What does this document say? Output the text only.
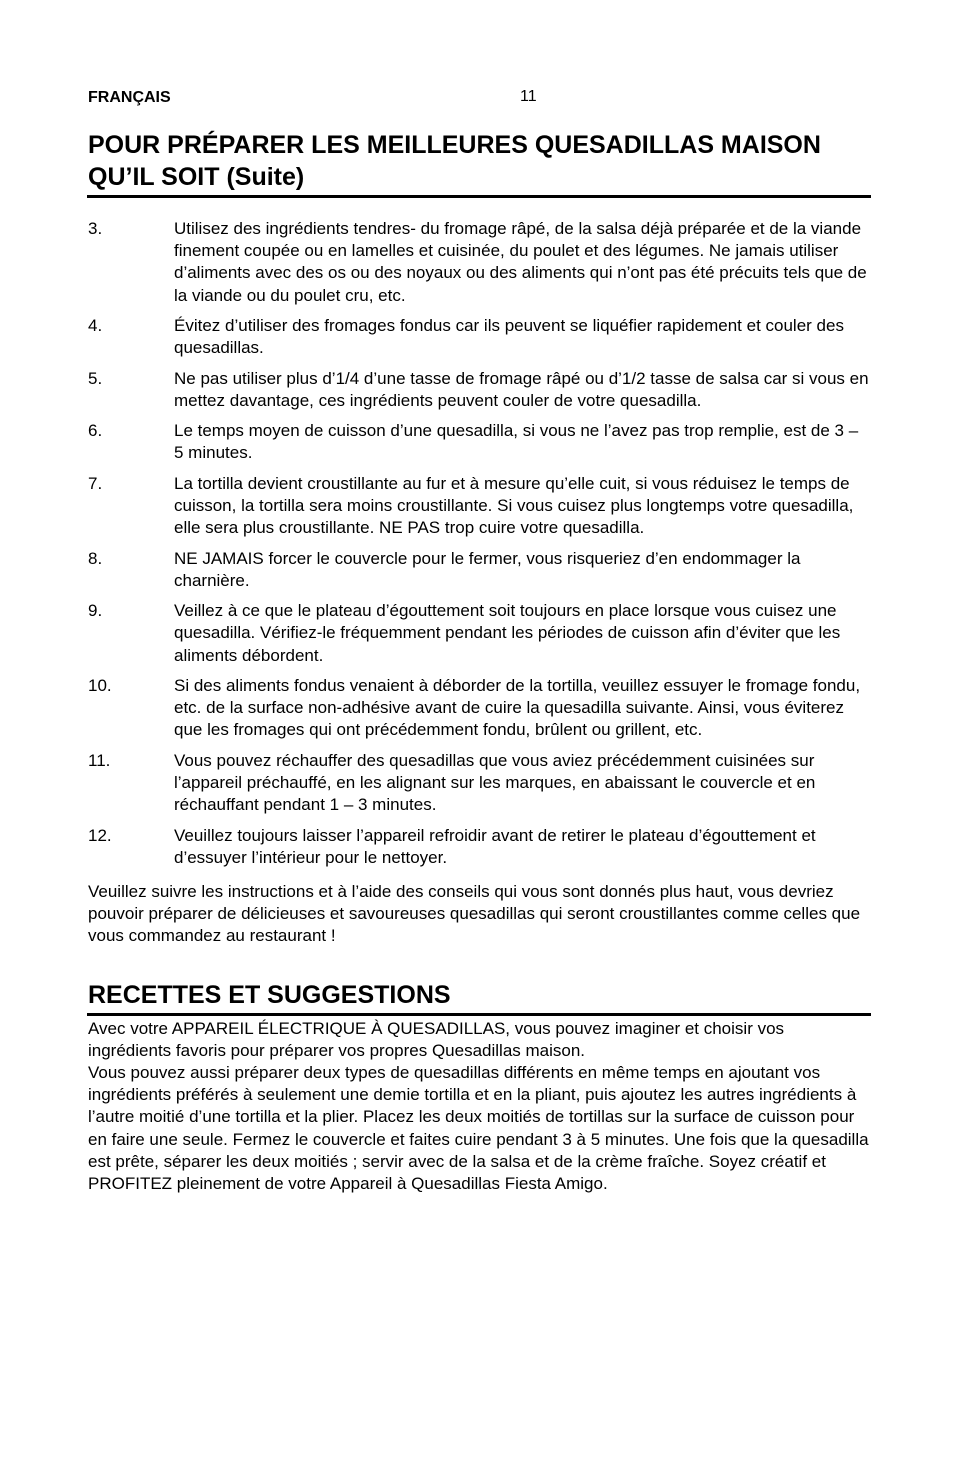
FRANÇAIS	11
POUR PRÉPARER LES MEILLEURES QUESADILLAS MAISON
QU’IL SOIT (Suite)
3.	Utilisez des ingrédients tendres- du fromage râpé, de la salsa déjà préparée et de la viande finement coupée ou en lamelles et cuisinée, du poulet et des légumes. Ne jamais utiliser d’aliments avec des os ou des noyaux ou des aliments qui n’ont pas été précuits tels que de la viande ou du poulet cru, etc.
4.	Évitez d’utiliser des fromages fondus car ils peuvent se liquéfier rapidement et couler des quesadillas.
5.	Ne pas utiliser plus d’1/4 d’une tasse de fromage râpé ou d’1/2 tasse de salsa car si vous en mettez davantage, ces ingrédients peuvent couler de votre quesadilla.
6.	Le temps moyen de cuisson d’une quesadilla, si vous ne l’avez pas trop remplie, est de 3 – 5 minutes.
7.	La tortilla devient croustillante au fur et à mesure qu’elle cuit, si vous réduisez le temps de cuisson, la tortilla sera moins croustillante. Si vous cuisez plus longtemps votre quesadilla, elle sera plus croustillante. NE PAS trop cuire votre quesadilla.
8.	NE JAMAIS forcer le couvercle pour le fermer, vous risqueriez d’en endommager la charnière.
9.	Veillez à ce que le plateau d’égouttement soit toujours en place lorsque vous cuisez une quesadilla. Vérifiez-le fréquemment pendant les périodes de cuisson afin d’éviter que les aliments débordent.
10.	Si des aliments fondus venaient à déborder de la tortilla, veuillez essuyer le fromage fondu, etc. de la surface non-adhésive avant de cuire la quesadilla suivante. Ainsi, vous éviterez que les fromages qui ont précédemment fondu, brûlent ou grillent, etc.
11.	Vous pouvez réchauffer des quesadillas que vous aviez précédemment cuisinées sur l’appareil préchauffé, en les alignant sur les marques, en abaissant le couvercle et en réchauffant pendant 1 – 3 minutes.
12.	Veuillez toujours laisser l’appareil refroidir avant de retirer le plateau d’égouttement et d’essuyer l’intérieur pour le nettoyer.

Veuillez suivre les instructions et à l’aide des conseils qui vous sont donnés plus haut, vous devriez pouvoir préparer de délicieuses et savoureuses quesadillas qui seront croustillantes comme celles que vous commandez au restaurant !

RECETTES ET SUGGESTIONS

Avec votre APPAREIL ÉLECTRIQUE À QUESADILLAS, vous pouvez imaginer et choisir vos ingrédients favoris pour préparer vos propres Quesadillas maison.

Vous pouvez aussi préparer deux types de quesadillas différents en même temps en ajoutant vos ingrédients préférés à seulement une demie tortilla et en la pliant, puis ajoutez les autres ingrédients à l’autre moitié d’une tortilla et la plier. Placez les deux moitiés de tortillas sur la surface de cuisson pour en faire une seule. Fermez le couvercle et faites cuire pendant 3 à 5 minutes. Une fois que la quesadilla est prête, séparer les deux moitiés ; servir avec de la salsa et de la crème fraîche. Soyez créatif et PROFITEZ pleinement de votre Appareil à Quesadillas Fiesta Amigo.
